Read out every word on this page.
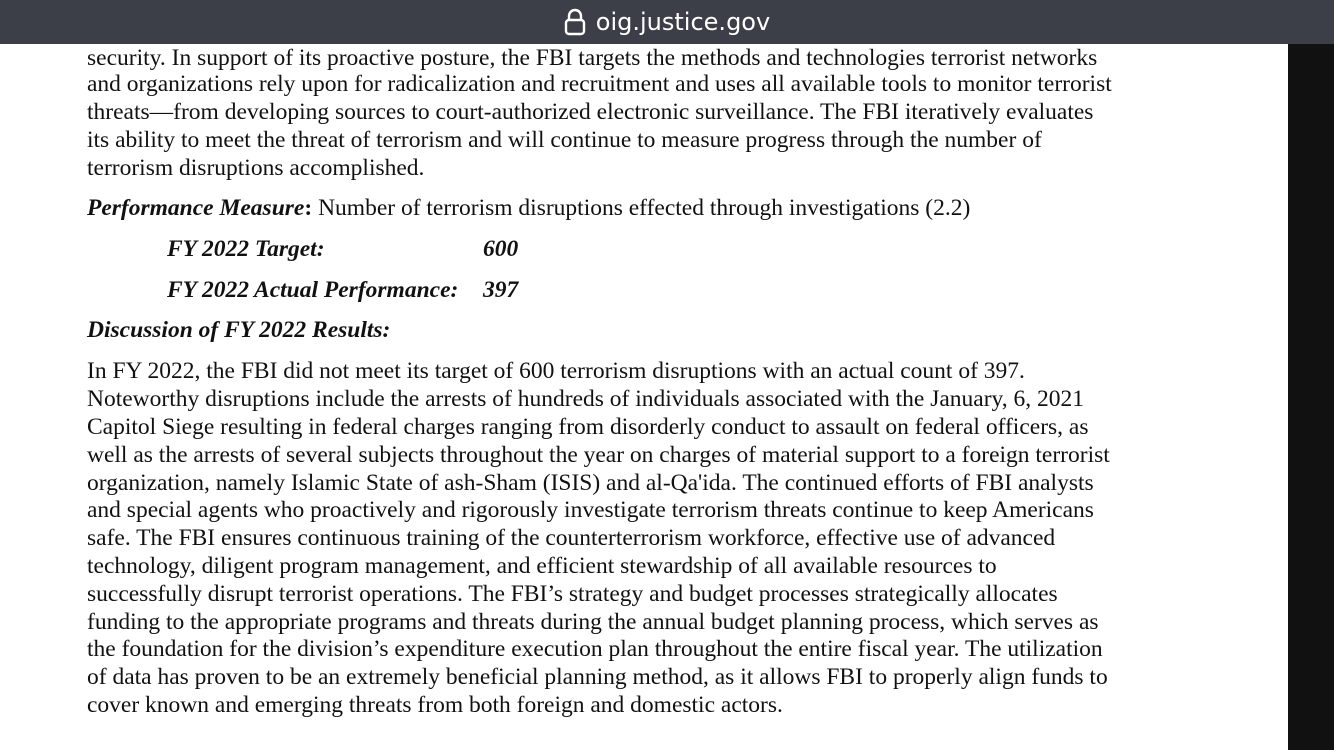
oig.justice.gov
security. In support of its proactive posture, the FBI targets the methods and technologies terrorist networks
and organizations rely upon for radicalization and recruitment and uses all available tools to monitor terrorist
threats—from developing sources to court-authorized electronic surveillance. The FBI iteratively evaluates
its ability to meet the threat of terrorism and will continue to measure progress through the number of
terrorism disruptions accomplished.
Performance Measure: Number of terrorism disruptions effected through investigations (2.2)
FY 2022 Target:	600
FY 2022 Actual Performance: 397
Discussion of FY 2022 Results:
In FY 2022, the FBI did not meet its target of 600 terrorism disruptions with an actual count of 397.
Noteworthy disruptions include the arrests of hundreds of individuals associated with the January, 6, 2021
Capitol Siege resulting in federal charges ranging from disorderly conduct to assault on federal officers, as
well as the arrests of several subjects throughout the year on charges of material support to a foreign terrorist
organization, namely Islamic State of ash-Sham (ISIS) and al-Qa'ida. The continued efforts of FBI analysts
and special agents who proactively and rigorously investigate terrorism threats continue to keep Americans
safe. The FBI ensures continuous training of the counterterrorism workforce, effective use of advanced
technology, diligent program management, and efficient stewardship of all available resources to
successfully disrupt terrorist operations. The FBI’s strategy and budget processes strategically allocates
funding to the appropriate programs and threats during the annual budget planning process, which serves as
the foundation for the division’s expenditure execution plan throughout the entire fiscal year. The utilization
of data has proven to be an extremely beneficial planning method, as it allows FBI to properly align funds to
cover known and emerging threats from both foreign and domestic actors.
